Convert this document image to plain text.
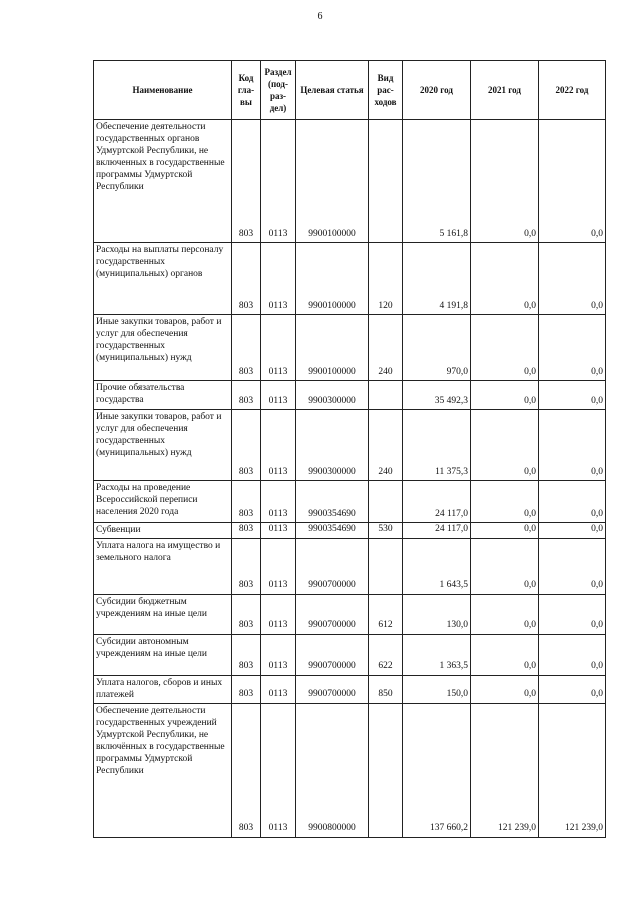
6
Наименование	Код гла- вы	Раздел (под- раз- дел)	Целевая статья	Вид рас- ходов	2020 год	2021 год	2022 год
Обеспечение деятельности государственных органов Удмуртской Республики, не включенных в государственные программы Удмуртской Республики	803	0113	9900100000		5 161,8	0,0	0,0
Расходы на выплаты персоналу государственных (муниципальных) органов	803	0113	9900100000	120	4 191,8	0,0	0,0
Иные закупки товаров, работ и услуг для обеспечения государственных (муниципальных) нужд	803	0113	9900100000	240	970,0	0,0	0,0
Прочие обязательства государства	803	0113	9900300000		35 492,3	0,0	0,0
Иные закупки товаров, работ и услуг для обеспечения государственных (муниципальных) нужд	803	0113	9900300000	240	11 375,3	0,0	0,0
Расходы на проведение Всероссийской переписи населения 2020 года	803	0113	9900354690		24 117,0	0,0	0,0
Субвенции	803	0113	9900354690	530	24 117,0	0,0	0,0
Уплата налога на имущество и земельного налога	803	0113	9900700000		1 643,5	0,0	0,0
Субсидии бюджетным учреждениям на иные цели	803	0113	9900700000	612	130,0	0,0	0,0
Субсидии автономным учреждениям на иные цели	803	0113	9900700000	622	1 363,5	0,0	0,0
Уплата налогов, сборов и иных платежей	803	0113	9900700000	850	150,0	0,0	0,0
Обеспечение деятельности государственных учреждений Удмуртской Республики, не включённых в государственные программы Удмуртской Республики	803	0113	9900800000		137 660,2	121 239,0	121 239,0
